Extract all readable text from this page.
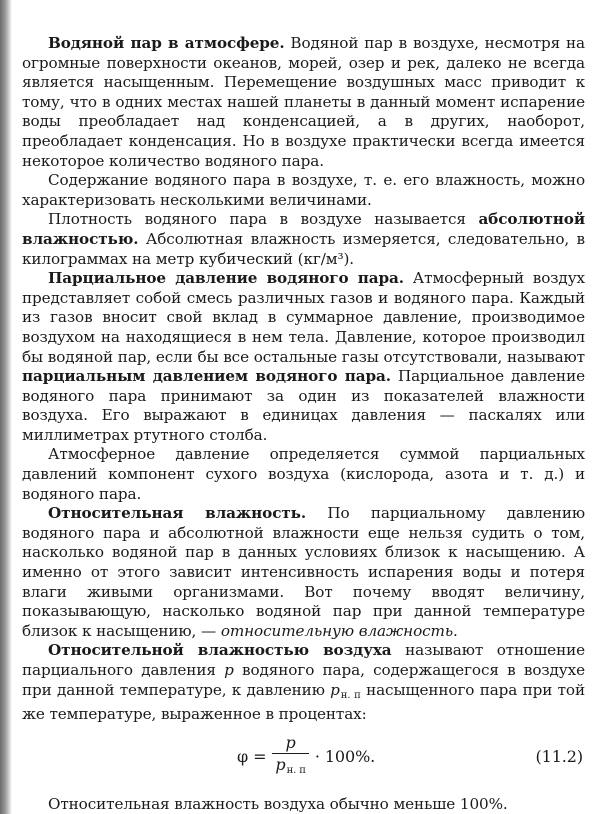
Водяной пар в атмосфере. Водяной пар в воздухе, несмотря на огромные поверхности океанов, морей, озер и рек, далеко не всегда является насыщенным. Перемещение воздушных масс приводит к тому, что в одних местах нашей планеты в данный момент испарение воды преобладает над конденсацией, а в других, наоборот, преобладает конденсация. Но в воздухе практически всегда имеется некоторое количество водяного пара.

Содержание водяного пара в воздухе, т. е. его влажность, можно характеризовать несколькими величинами.

Плотность водяного пара в воздухе называется абсолютной влажностью. Абсолютная влажность измеряется, следовательно, в килограммах на метр кубический (кг/м³).

Парциальное давление водяного пара. Атмосферный воздух представляет собой смесь различных газов и водяного пара. Каждый из газов вносит свой вклад в суммарное давление, производимое воздухом на находящиеся в нем тела. Давление, которое производил бы водяной пар, если бы все остальные газы отсутствовали, называют парциальным давлением водяного пара. Парциальное давление водяного пара принимают за один из показателей влажности воздуха. Его выражают в единицах давления — паскалях или миллиметрах ртутного столба.

Атмосферное давление определяется суммой парциальных давлений компонент сухого воздуха (кислорода, азота и т. д.) и водяного пара.

Относительная влажность. По парциальному давлению водяного пара и абсолютной влажности еще нельзя судить о том, насколько водяной пар в данных условиях близок к насыщению. А именно от этого зависит интенсивность испарения воды и потеря влаги живыми организмами. Вот почему вводят величину, показывающую, насколько водяной пар при данной температуре близок к насыщению, — относительную влажность.

Относительной влажностью воздуха называют отношение парциального давления p водяного пара, содержащегося в воздухе при данной температуре, к давлению $p_{н. п}$ насыщенного пара при той же температуре, выраженное в процентах:

$\varphi = \frac{p}{p_{н. п}} \cdot 100\%$.	(11.2)

Относительная влажность воздуха обычно меньше 100%.
